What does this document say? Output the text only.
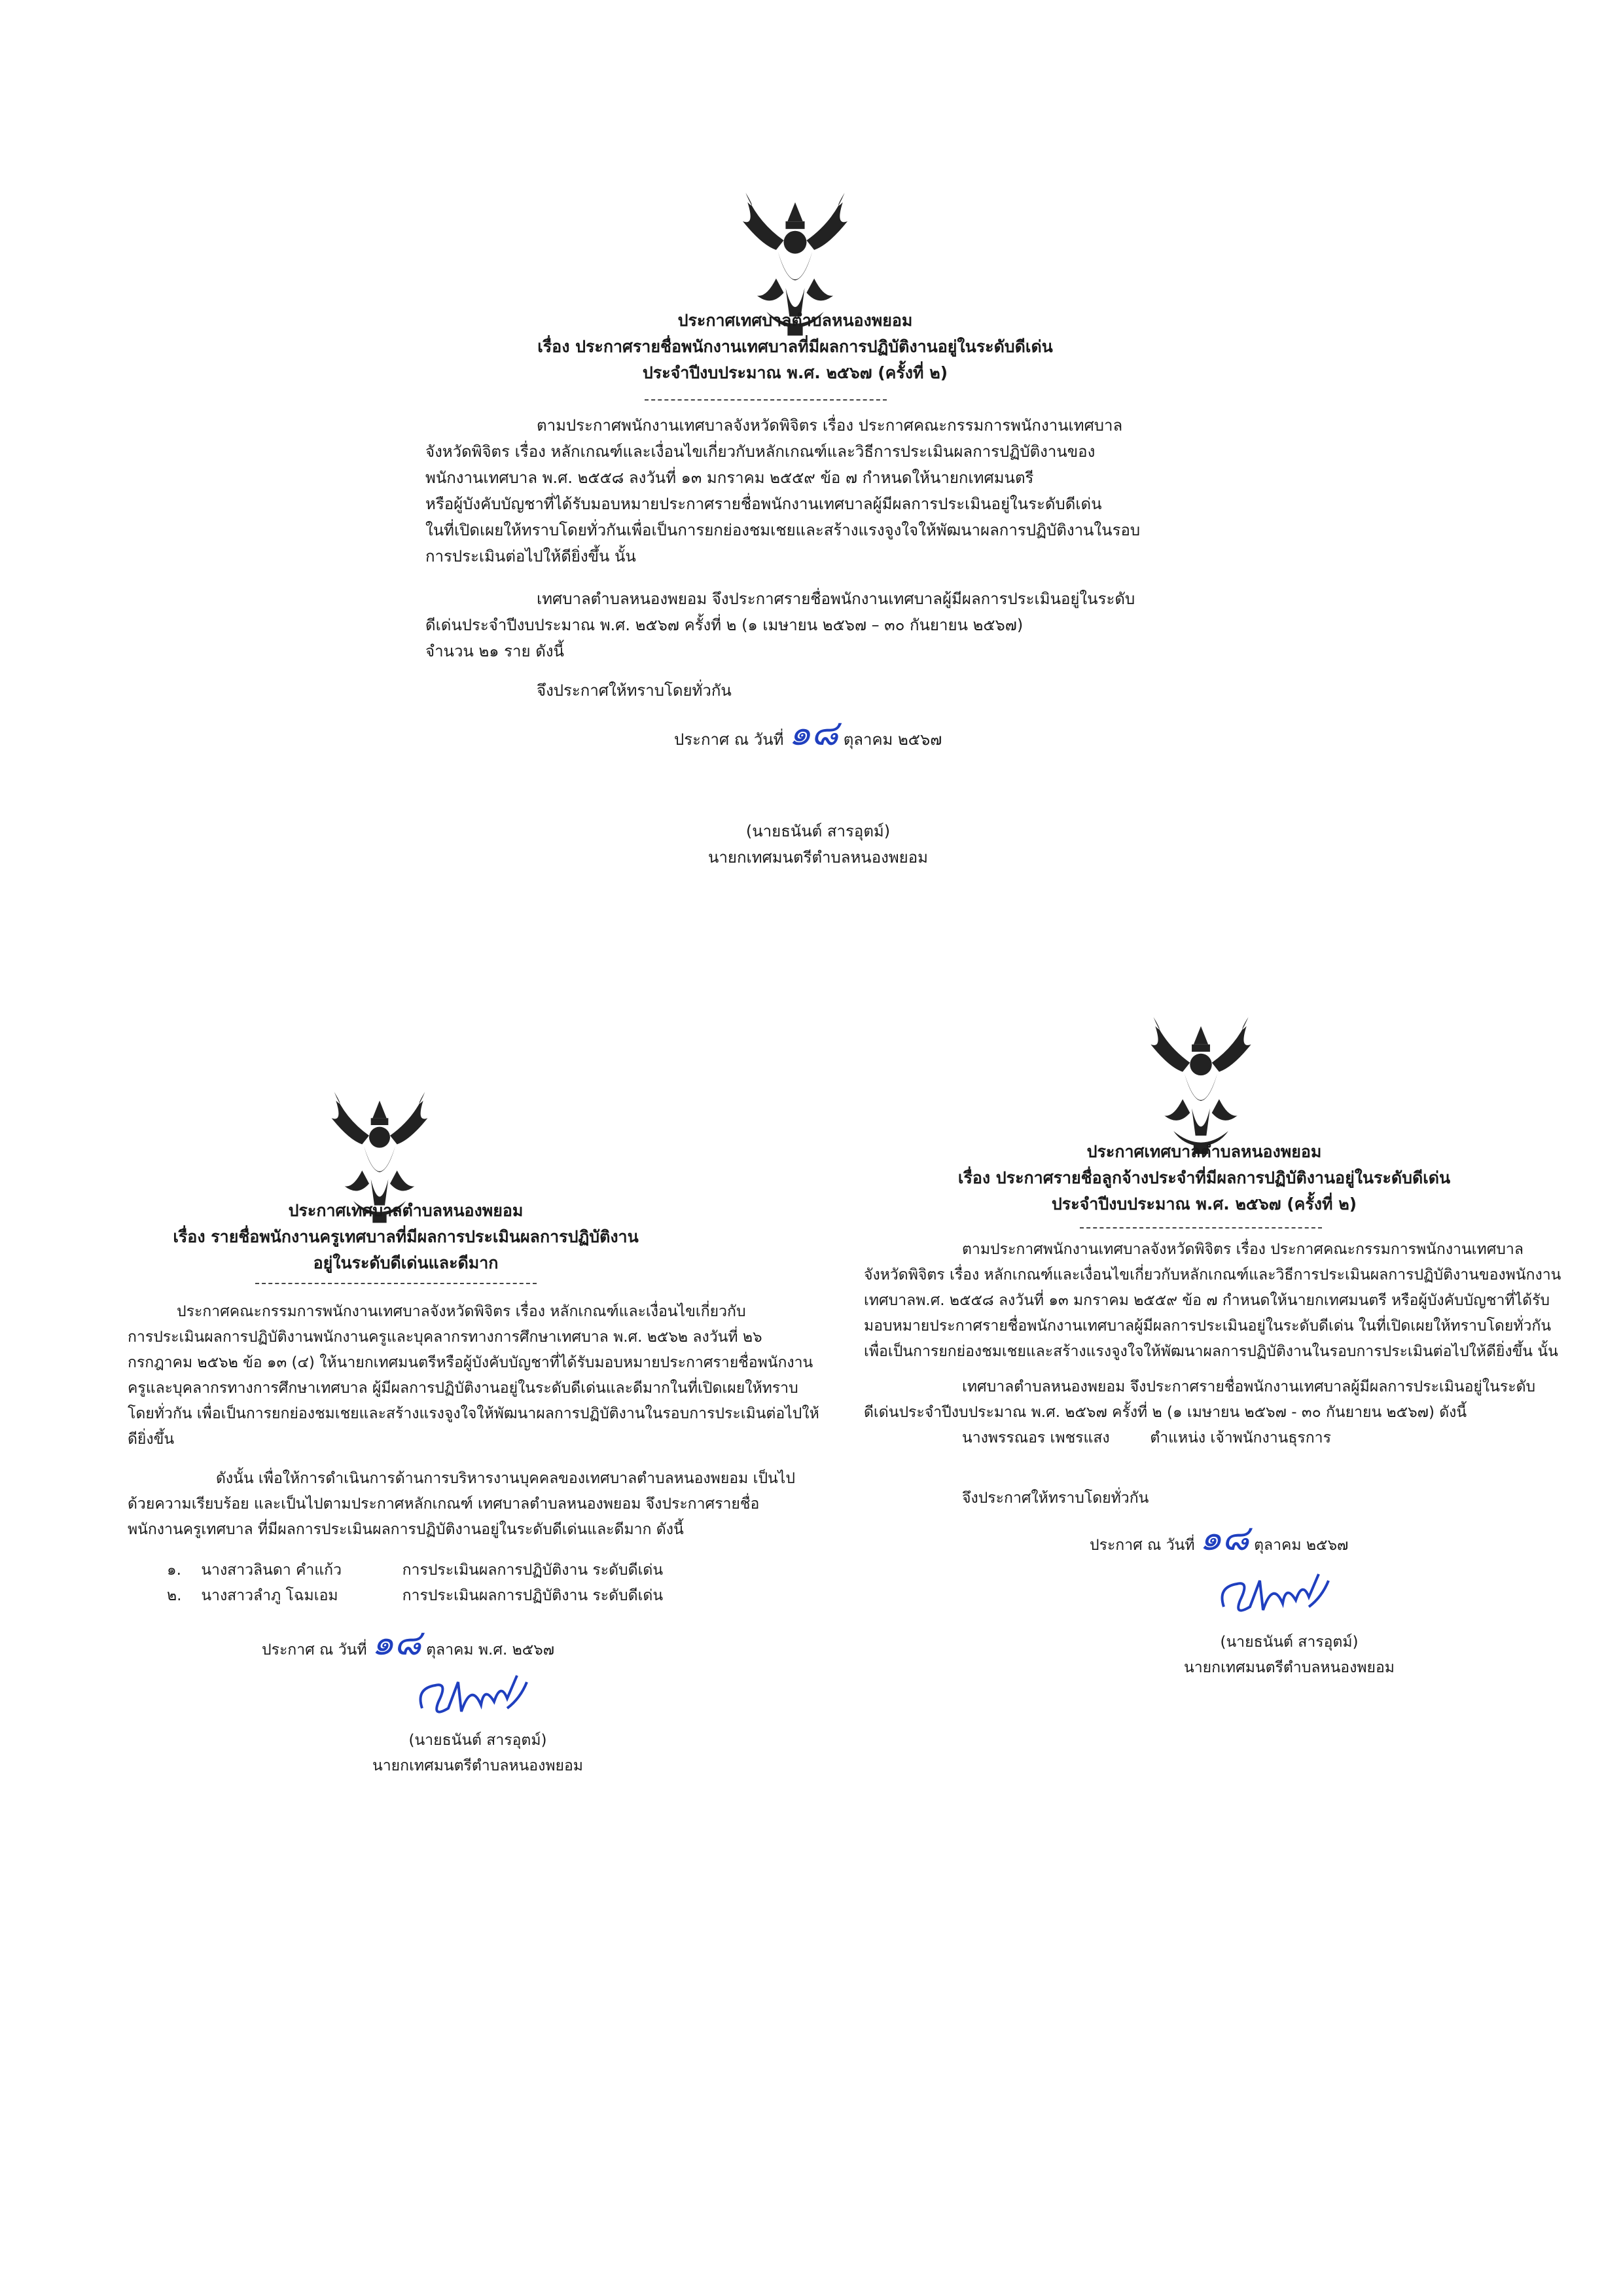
ประกาศเทศบาลตำบลหนองพยอม
เรื่อง ประกาศรายชื่อพนักงานเทศบาลที่มีผลการปฏิบัติงานอยู่ในระดับดีเด่น
ประจำปีงบประมาณ พ.ศ. ๒๕๖๗ (ครั้งที่ ๒)
ตามประกาศพนักงานเทศบาลจังหวัดพิจิตร เรื่อง ประกาศคณะกรรมการพนักงานเทศบาล
จังหวัดพิจิตร เรื่อง หลักเกณฑ์และเงื่อนไขเกี่ยวกับหลักเกณฑ์และวิธีการประเมินผลการปฏิบัติงานของ
พนักงานเทศบาล พ.ศ. ๒๕๕๘ ลงวันที่ ๑๓ มกราคม ๒๕๕๙ ข้อ ๗ กำหนดให้นายกเทศมนตรี
หรือผู้บังคับบัญชาที่ได้รับมอบหมายประกาศรายชื่อพนักงานเทศบาลผู้มีผลการประเมินอยู่ในระดับดีเด่น
ในที่เปิดเผยให้ทราบโดยทั่วกันเพื่อเป็นการยกย่องชมเชยและสร้างแรงจูงใจให้พัฒนาผลการปฏิบัติงานในรอบ
การประเมินต่อไปให้ดียิ่งขึ้น นั้น
เทศบาลตำบลหนองพยอม จึงประกาศรายชื่อพนักงานเทศบาลผู้มีผลการประเมินอยู่ในระดับ
ดีเด่นประจำปีงบประมาณ พ.ศ. ๒๕๖๗ ครั้งที่ ๒ (๑ เมษายน ๒๕๖๗ – ๓๐ กันยายน ๒๕๖๗)
จำนวน ๒๑ ราย ดังนี้
จึงประกาศให้ทราบโดยทั่วกัน
ประกาศ ณ วันที่ ๑๘ ตุลาคม ๒๕๖๗
(นายธนันต์ สารอุตม์)
นายกเทศมนตรีตำบลหนองพยอม
ประกาศเทศบาลตำบลหนองพยอม
เรื่อง รายชื่อพนักงานครูเทศบาลที่มีผลการประเมินผลการปฏิบัติงาน
อยู่ในระดับดีเด่นและดีมาก
ประกาศคณะกรรมการพนักงานเทศบาลจังหวัดพิจิตร เรื่อง หลักเกณฑ์และเงื่อนไขเกี่ยวกับ
การประเมินผลการปฏิบัติงานพนักงานครูและบุคลากรทางการศึกษาเทศบาล พ.ศ. ๒๕๖๒ ลงวันที่ ๒๖
กรกฎาคม ๒๕๖๒ ข้อ ๑๓ (๔) ให้นายกเทศมนตรีหรือผู้บังคับบัญชาที่ได้รับมอบหมายประกาศรายชื่อพนักงาน
ครูและบุคลากรทางการศึกษาเทศบาล ผู้มีผลการปฏิบัติงานอยู่ในระดับดีเด่นและดีมากในที่เปิดเผยให้ทราบ
โดยทั่วกัน เพื่อเป็นการยกย่องชมเชยและสร้างแรงจูงใจให้พัฒนาผลการปฏิบัติงานในรอบการประเมินต่อไปให้
ดียิ่งขึ้น
ดังนั้น เพื่อให้การดำเนินการด้านการบริหารงานบุคคลของเทศบาลตำบลหนองพยอม เป็นไป
ด้วยความเรียบร้อย และเป็นไปตามประกาศหลักเกณฑ์ เทศบาลตำบลหนองพยอม จึงประกาศรายชื่อ
พนักงานครูเทศบาล ที่มีผลการประเมินผลการปฏิบัติงานอยู่ในระดับดีเด่นและดีมาก ดังนี้
๑. นางสาวลินดา คำแก้ว	การประเมินผลการปฏิบัติงาน ระดับดีเด่น
๒. นางสาวลำภู โฉมเอม	การประเมินผลการปฏิบัติงาน ระดับดีเด่น
ประกาศ ณ วันที่ ๑๘ ตุลาคม พ.ศ. ๒๕๖๗
(นายธนันต์ สารอุตม์)
นายกเทศมนตรีตำบลหนองพยอม
ประกาศเทศบาลตำบลหนองพยอม
เรื่อง ประกาศรายชื่อลูกจ้างประจำที่มีผลการปฏิบัติงานอยู่ในระดับดีเด่น
ประจำปีงบประมาณ พ.ศ. ๒๕๖๗ (ครั้งที่ ๒)
ตามประกาศพนักงานเทศบาลจังหวัดพิจิตร เรื่อง ประกาศคณะกรรมการพนักงานเทศบาล
จังหวัดพิจิตร เรื่อง หลักเกณฑ์และเงื่อนไขเกี่ยวกับหลักเกณฑ์และวิธีการประเมินผลการปฏิบัติงานของพนักงาน
เทศบาลพ.ศ. ๒๕๕๘ ลงวันที่ ๑๓ มกราคม ๒๕๕๙ ข้อ ๗ กำหนดให้นายกเทศมนตรี หรือผู้บังคับบัญชาที่ได้รับ
มอบหมายประกาศรายชื่อพนักงานเทศบาลผู้มีผลการประเมินอยู่ในระดับดีเด่น ในที่เปิดเผยให้ทราบโดยทั่วกัน
เพื่อเป็นการยกย่องชมเชยและสร้างแรงจูงใจให้พัฒนาผลการปฏิบัติงานในรอบการประเมินต่อไปให้ดียิ่งขึ้น นั้น
เทศบาลตำบลหนองพยอม จึงประกาศรายชื่อพนักงานเทศบาลผู้มีผลการประเมินอยู่ในระดับ
ดีเด่นประจำปีงบประมาณ พ.ศ. ๒๕๖๗ ครั้งที่ ๒ (๑ เมษายน ๒๕๖๗ - ๓๐ กันยายน ๒๕๖๗) ดังนี้
นางพรรณอร เพชรแสง	ตำแหน่ง เจ้าพนักงานธุรการ
จึงประกาศให้ทราบโดยทั่วกัน
ประกาศ ณ วันที่ ๑๘ ตุลาคม ๒๕๖๗
(นายธนันต์ สารอุตม์)
นายกเทศมนตรีตำบลหนองพยอม
